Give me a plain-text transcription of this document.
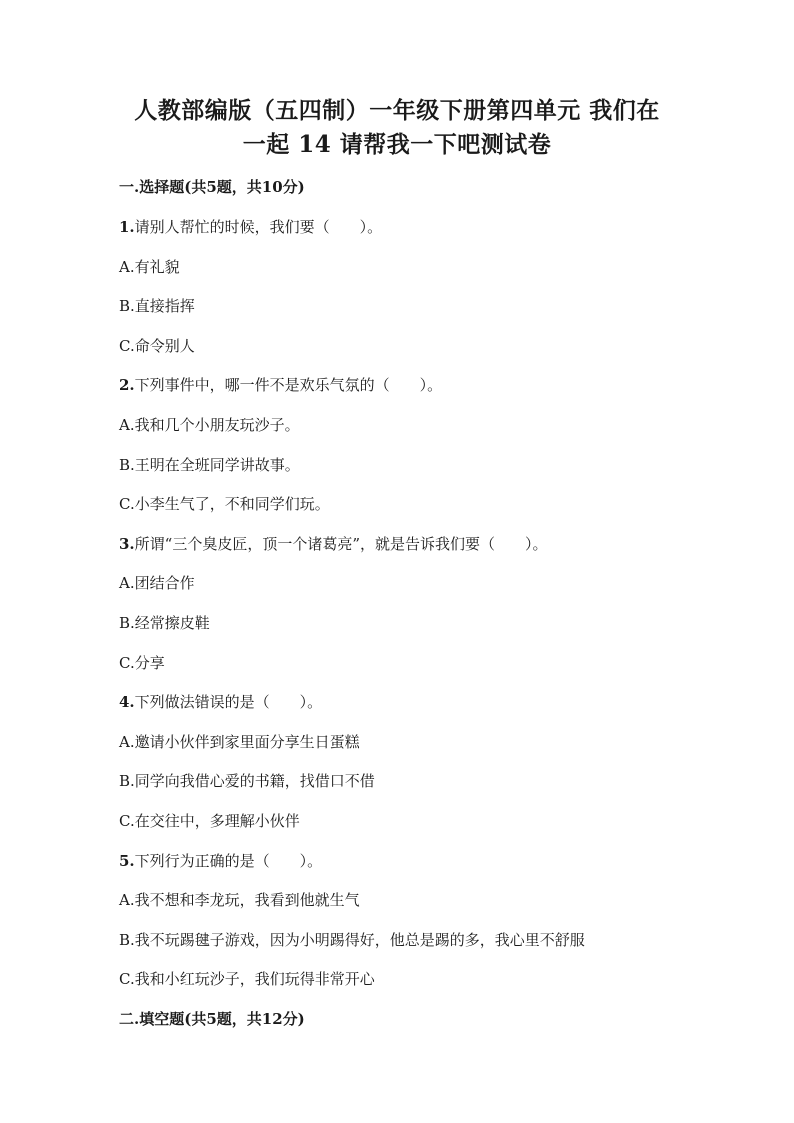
人教部编版（五四制）一年级下册第四单元 我们在
一起 14 请帮我一下吧测试卷
一.选择题(共5题，共10分)
1.请别人帮忙的时候，我们要（　　）。
A.有礼貌
B.直接指挥
C.命令别人
2.下列事件中，哪一件不是欢乐气氛的（　　）。
A.我和几个小朋友玩沙子。
B.王明在全班同学讲故事。
C.小李生气了，不和同学们玩。
3.所谓“三个臭皮匠，顶一个诸葛亮”，就是告诉我们要（　　）。
A.团结合作
B.经常擦皮鞋
C.分享
4.下列做法错误的是（　　）。
A.邀请小伙伴到家里面分享生日蛋糕
B.同学向我借心爱的书籍，找借口不借
C.在交往中，多理解小伙伴
5.下列行为正确的是（　　）。
A.我不想和李龙玩，我看到他就生气
B.我不玩踢毽子游戏，因为小明踢得好，他总是踢的多，我心里不舒服
C.我和小红玩沙子，我们玩得非常开心
二.填空题(共5题，共12分)
